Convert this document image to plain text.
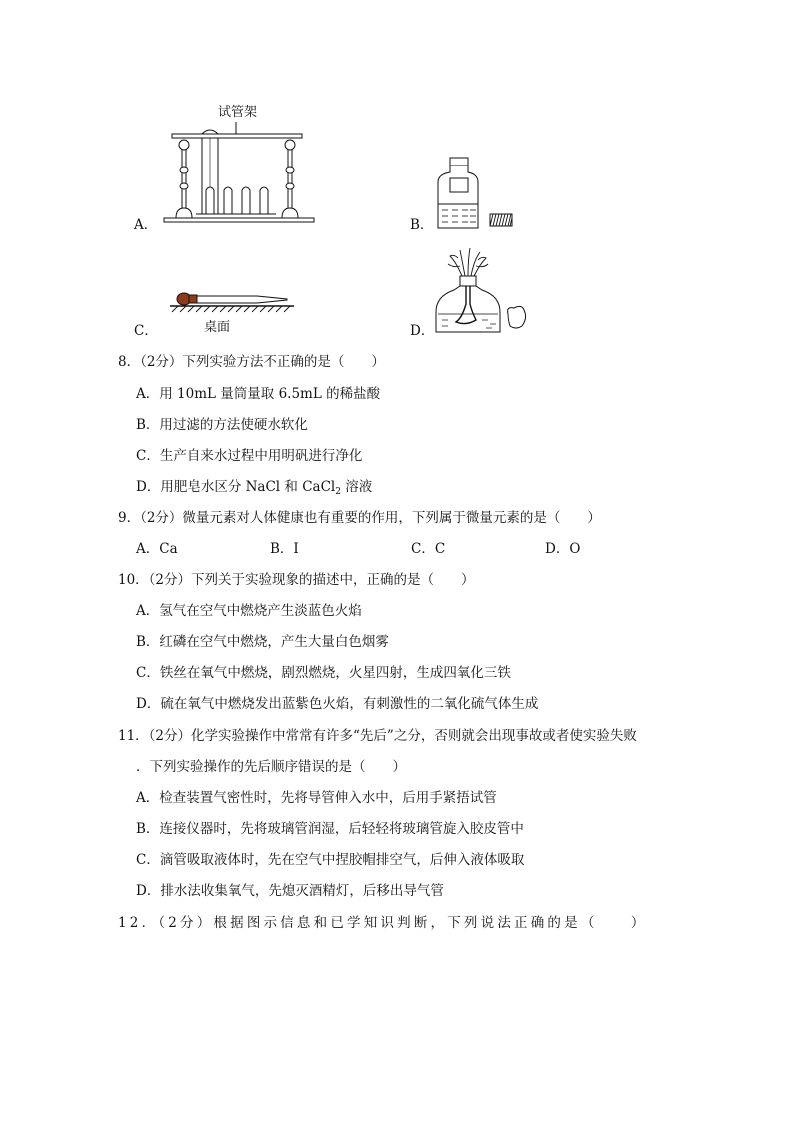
A．
试管架
B．
C．	桌面	D．
8．（2分）下列实验方法不正确的是（　　）
A．用 10mL 量筒量取 6.5mL 的稀盐酸
B．用过滤的方法使硬水软化
C．生产自来水过程中用明矾进行净化
D．用肥皂水区分 NaCl 和 CaCl$_2$ 溶液
9．（2分）微量元素对人体健康也有重要的作用，下列属于微量元素的是（　　）
A．Ca	B．I	C．C	D．O
10．（2分）下列关于实验现象的描述中，正确的是（　　）
A．氢气在空气中燃烧产生淡蓝色火焰
B．红磷在空气中燃烧，产生大量白色烟雾
C．铁丝在氧气中燃烧，剧烈燃烧，火星四射，生成四氧化三铁
D．硫在氧气中燃烧发出蓝紫色火焰，有刺激性的二氧化硫气体生成
11．（2分）化学实验操作中常常有许多“先后”之分，否则就会出现事故或者使实验失败
．下列实验操作的先后顺序错误的是（　　）
A．检查装置气密性时，先将导管伸入水中，后用手紧捂试管
B．连接仪器时，先将玻璃管润湿，后轻轻将玻璃管旋入胶皮管中
C．滴管吸取液体时，先在空气中捏胶帽排空气，后伸入液体吸取
D．排水法收集氧气，先熄灭酒精灯，后移出导气管
12．（2分）根据图示信息和已学知识判断，下列说法正确的是（　　）
